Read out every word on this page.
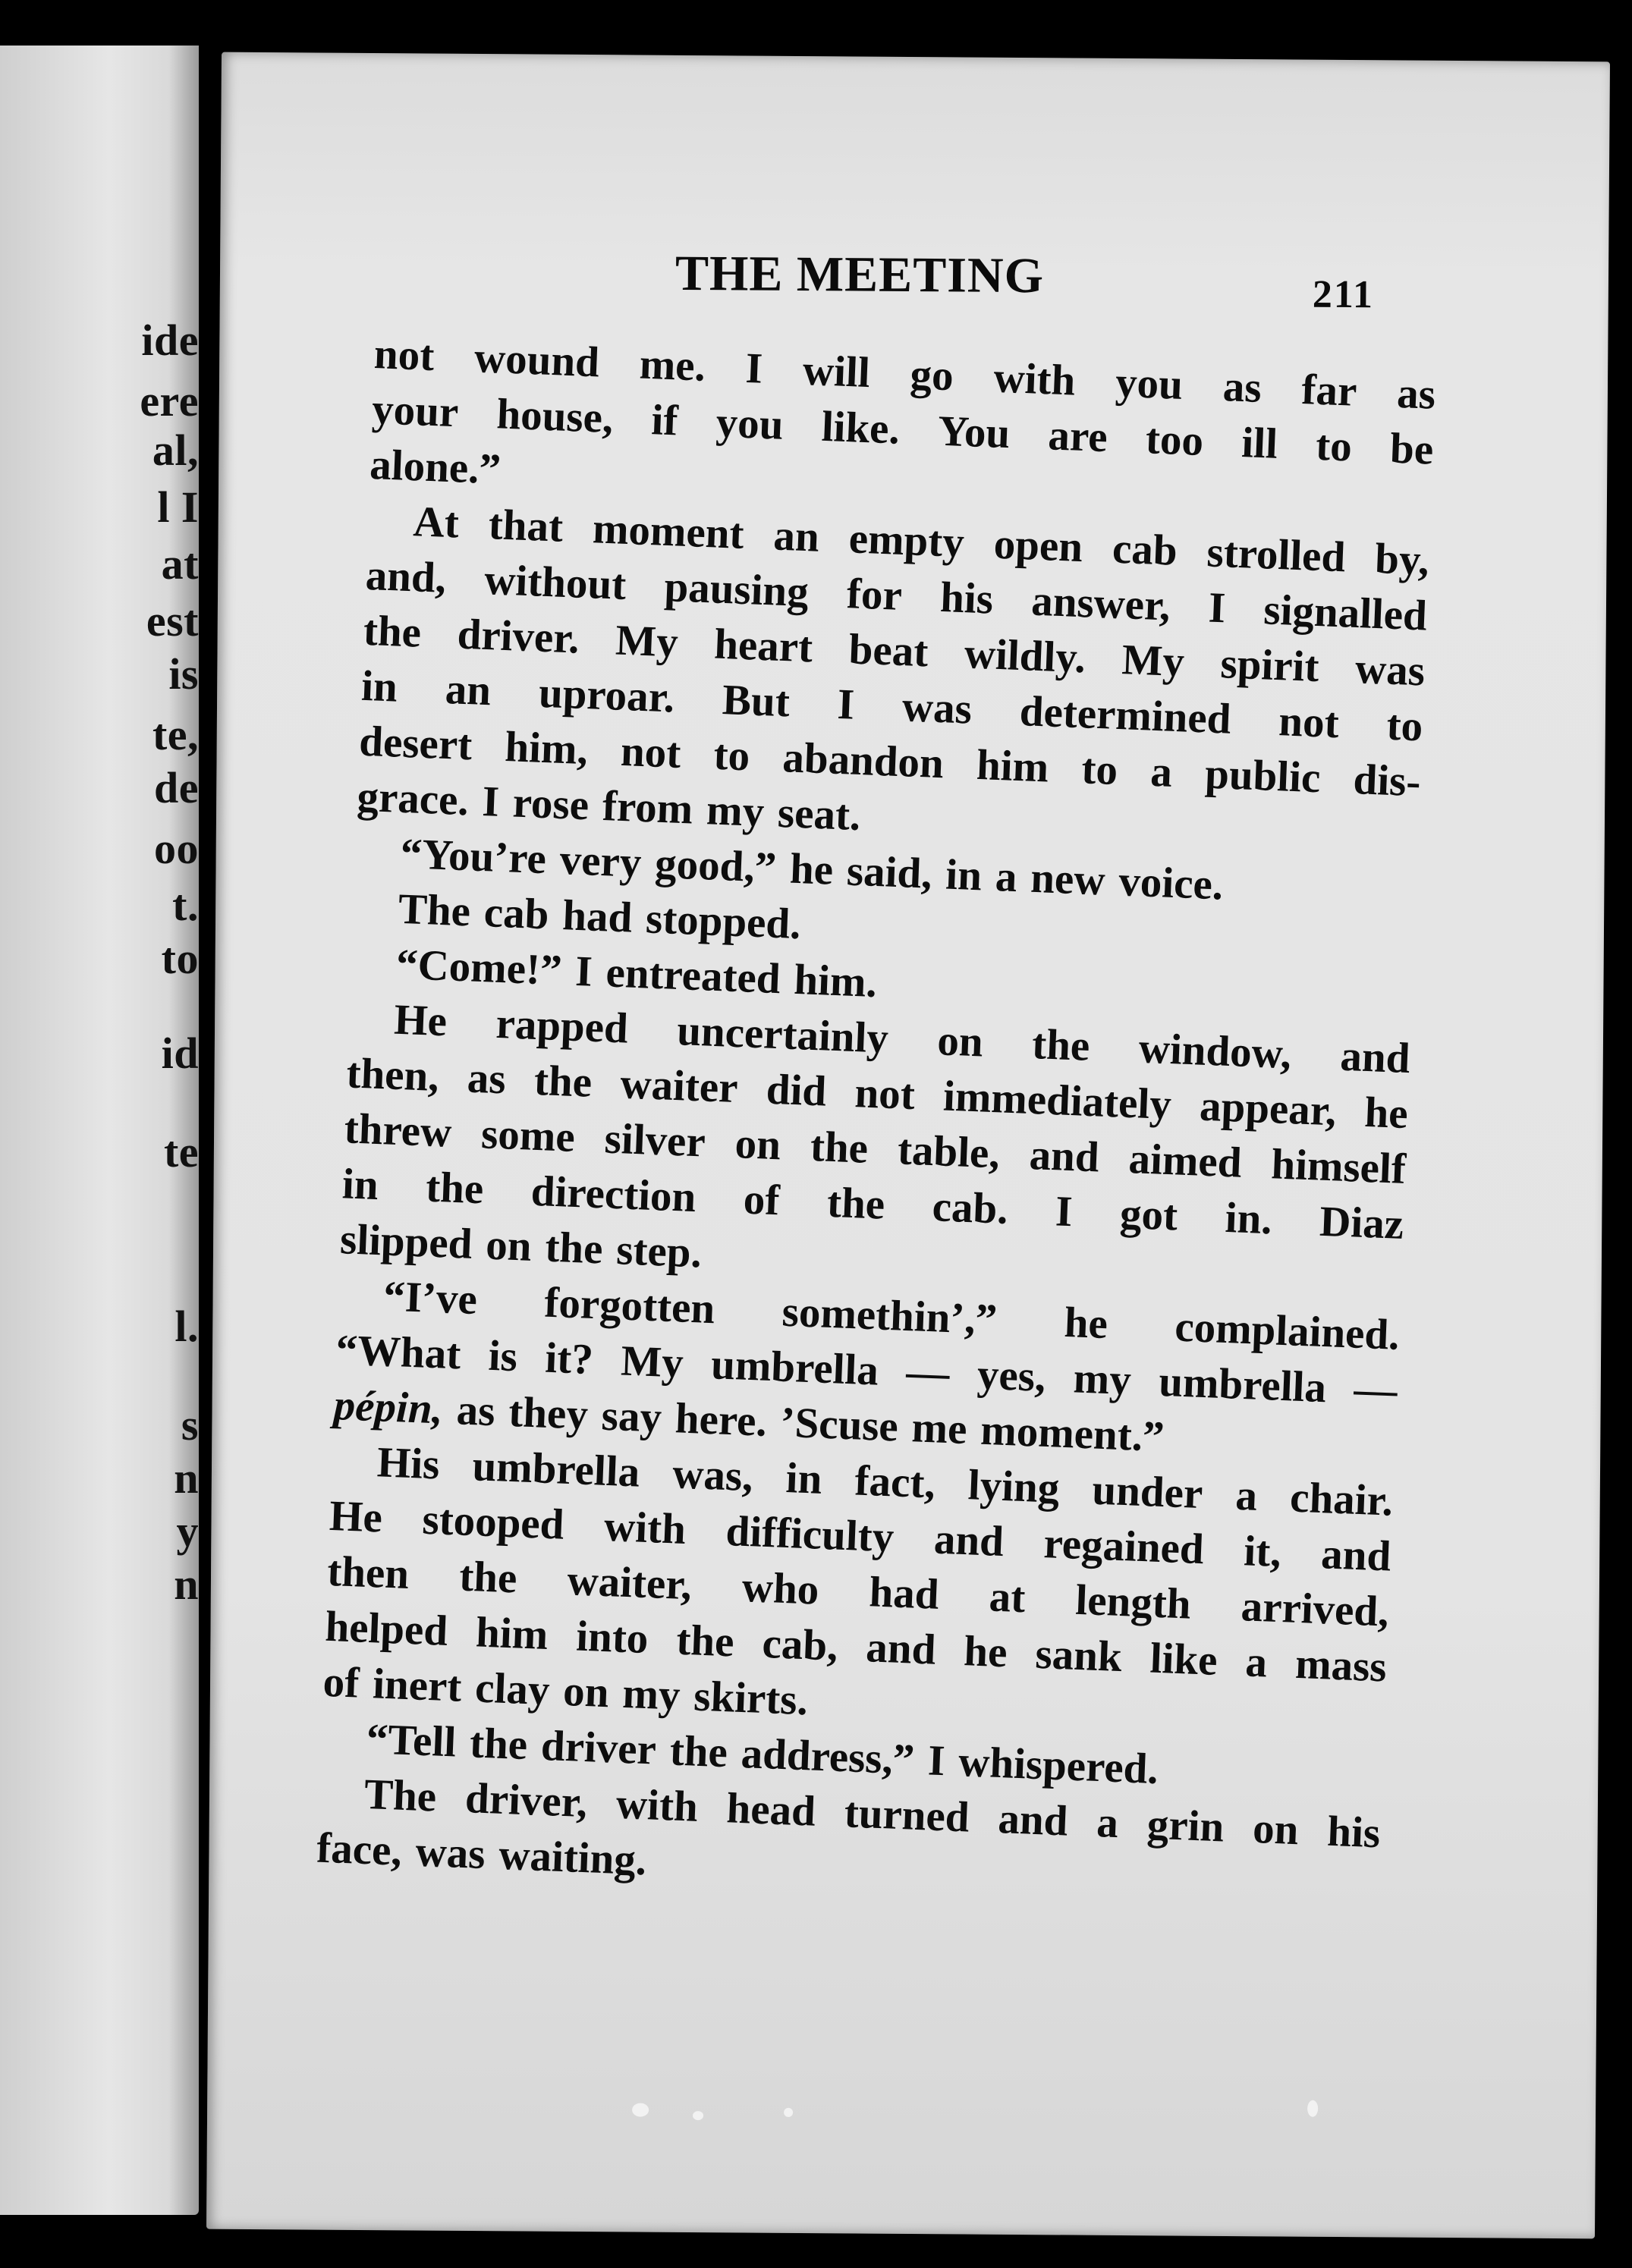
ide
ere
al,
l I
at
est
is
te,
de
oo
t.
to
id
te
l.
s
n
y
n
THE MEETING	211
not wound me. I will go with you as far as
your house, if you like. You are too ill to be
alone.”
At that moment an empty open cab strolled by,
and, without pausing for his answer, I signalled
the driver. My heart beat wildly. My spirit was
in an uproar. But I was determined not to
desert him, not to abandon him to a public dis-
grace. I rose from my seat.
“You’re very good,” he said, in a new voice.
The cab had stopped.
“Come!” I entreated him.
He rapped uncertainly on the window, and
then, as the waiter did not immediately appear, he
threw some silver on the table, and aimed himself
in the direction of the cab. I got in. Diaz
slipped on the step.
“I’ve forgotten somethin’,” he complained.
“What is it? My umbrella — yes, my umbrella —
pépin, as they say here. ’Scuse me moment.”
His umbrella was, in fact, lying under a chair.
He stooped with difficulty and regained it, and
then the waiter, who had at length arrived,
helped him into the cab, and he sank like a mass
of inert clay on my skirts.
“Tell the driver the address,” I whispered.
The driver, with head turned and a grin on his
face, was waiting.
